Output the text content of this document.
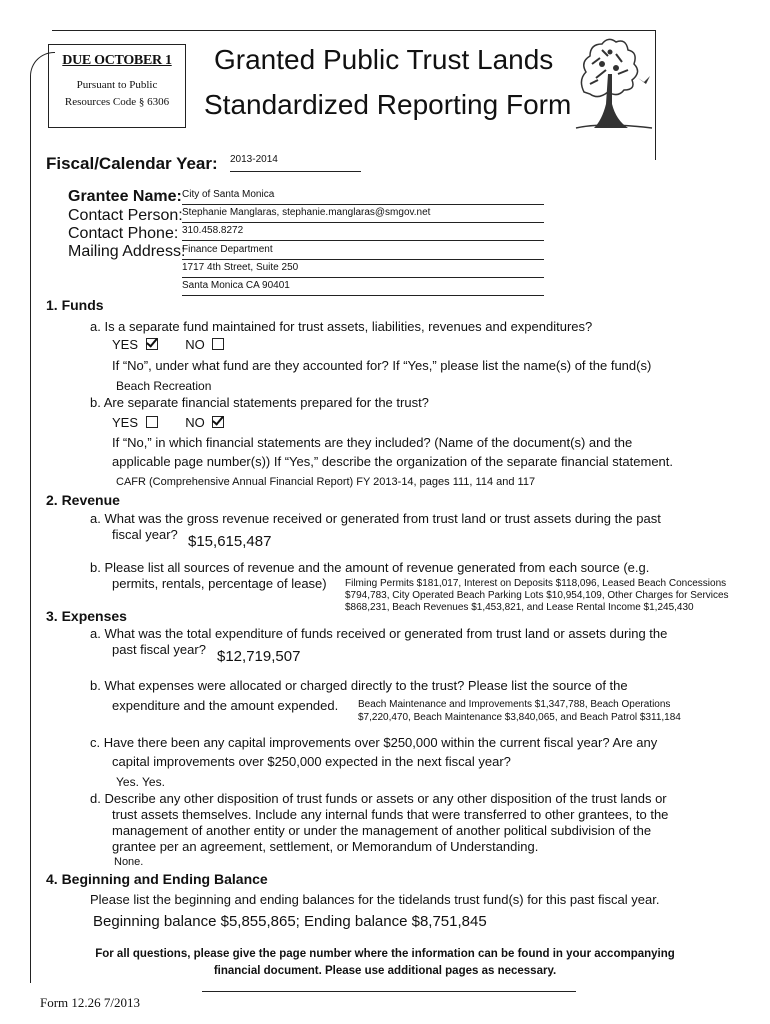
DUE OCTOBER 1
Pursuant to Public
Resources Code § 6306
Granted Public Trust Lands
Standardized Reporting Form
Fiscal/Calendar Year: 2013-2014
Grantee Name:
Contact Person:
Contact Phone:
Mailing Address:
City of Santa Monica
Stephanie Manglaras, stephanie.manglaras@smgov.net
310.458.8272
Finance Department
1717 4th Street, Suite 250
Santa Monica CA 90401
1. Funds
a. Is a separate fund maintained for trust assets, liabilities, revenues and expenditures?
YES	NO
If “No”, under what fund are they accounted for? If “Yes,” please list the name(s) of the fund(s)
Beach Recreation
b. Are separate financial statements prepared for the trust?
YES	NO
If “No,” in which financial statements are they included? (Name of the document(s) and the
applicable page number(s)) If “Yes,” describe the organization of the separate financial statement.
CAFR (Comprehensive Annual Financial Report) FY 2013-14, pages 111, 114 and 117
2. Revenue
a. What was the gross revenue received or generated from trust land or trust assets during the past
fiscal year? $15,615,487
b. Please list all sources of revenue and the amount of revenue generated from each source (e.g.
permits, rentals, percentage of lease) Filming Permits $181,017, Interest on Deposits $118,096, Leased Beach Concessions
$794,783, City Operated Beach Parking Lots $10,954,109, Other Charges for Services
$868,231, Beach Revenues $1,453,821, and Lease Rental Income $1,245,430
3. Expenses
a. What was the total expenditure of funds received or generated from trust land or assets during the
past fiscal year? $12,719,507
b. What expenses were allocated or charged directly to the trust? Please list the source of the
expenditure and the amount expended. Beach Maintenance and Improvements $1,347,788, Beach Operations
$7,220,470, Beach Maintenance $3,840,065, and Beach Patrol $311,184
c. Have there been any capital improvements over $250,000 within the current fiscal year? Are any
capital improvements over $250,000 expected in the next fiscal year?
Yes. Yes.
d. Describe any other disposition of trust funds or assets or any other disposition of the trust lands or
trust assets themselves. Include any internal funds that were transferred to other grantees, to the
management of another entity or under the management of another political subdivision of the
grantee per an agreement, settlement, or Memorandum of Understanding.
None.
4. Beginning and Ending Balance
Please list the beginning and ending balances for the tidelands trust fund(s) for this past fiscal year.
Beginning balance $5,855,865; Ending balance $8,751,845
For all questions, please give the page number where the information can be found in your accompanying
financial document. Please use additional pages as necessary.
Form 12.26 7/2013
